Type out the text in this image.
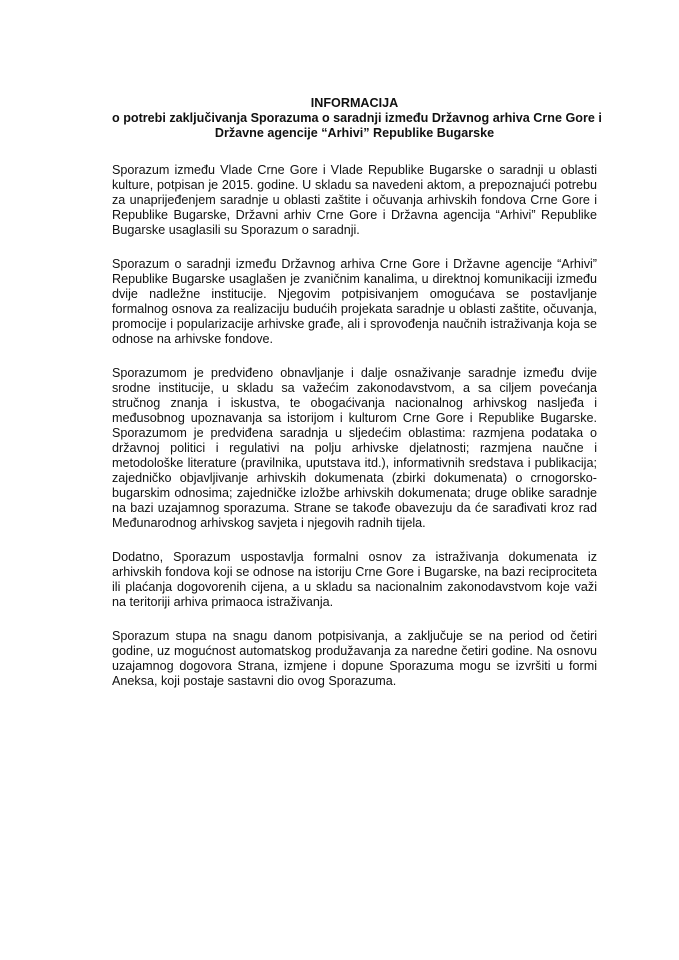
INFORMACIJA
o potrebi zaključivanja Sporazuma o saradnji između Državnog arhiva Crne Gore i
Državne agencije “Arhivi” Republike Bugarske

Sporazum između Vlade Crne Gore i Vlade Republike Bugarske o saradnji u oblasti kulture, potpisan je 2015. godine. U skladu sa navedeni aktom, a prepoznajući potrebu za unaprijeđenjem saradnje u oblasti zaštite i očuvanja arhivskih fondova Crne Gore i Republike Bugarske, Državni arhiv Crne Gore i Državna agencija “Arhivi” Republike Bugarske usaglasili su Sporazum o saradnji.

Sporazum o saradnji između Državnog arhiva Crne Gore i Državne agencije “Arhivi” Republike Bugarske usaglašen je zvaničnim kanalima, u direktnoj komunikaciji između dvije nadležne institucije. Njegovim potpisivanjem omogućava se postavljanje formalnog osnova za realizaciju budućih projekata saradnje u oblasti zaštite, očuvanja, promocije i popularizacije arhivske građe, ali i sprovođenja naučnih istraživanja koja se odnose na arhivske fondove.

Sporazumom je predviđeno obnavljanje i dalje osnaživanje saradnje između dvije srodne institucije, u skladu sa važećim zakonodavstvom, a sa ciljem povećanja stručnog znanja i iskustva, te obogaćivanja nacionalnog arhivskog nasljeđa i međusobnog upoznavanja sa istorijom i kulturom Crne Gore i Republike Bugarske. Sporazumom je predviđena saradnja u sljedećim oblastima: razmjena podataka o državnoj politici i regulativi na polju arhivske djelatnosti; razmjena naučne i metodološke literature (pravilnika, uputstava itd.), informativnih sredstava i publikacija; zajedničko objavljivanje arhivskih dokumenata (zbirki dokumenata) o crnogorsko-bugarskim odnosima; zajedničke izložbe arhivskih dokumenata; druge oblike saradnje na bazi uzajamnog sporazuma. Strane se takođe obavezuju da će sarađivati kroz rad Međunarodnog arhivskog savjeta i njegovih radnih tijela.

Dodatno, Sporazum uspostavlja formalni osnov za istraživanja dokumenata iz arhivskih fondova koji se odnose na istoriju Crne Gore i Bugarske, na bazi reciprociteta ili plaćanja dogovorenih cijena, a u skladu sa nacionalnim zakonodavstvom koje važi na teritoriji arhiva primaoca istraživanja.

Sporazum stupa na snagu danom potpisivanja, a zaključuje se na period od četiri godine, uz mogućnost automatskog produžavanja za naredne četiri godine. Na osnovu uzajamnog dogovora Strana, izmjene i dopune Sporazuma mogu se izvršiti u formi Aneksa, koji postaje sastavni dio ovog Sporazuma.
